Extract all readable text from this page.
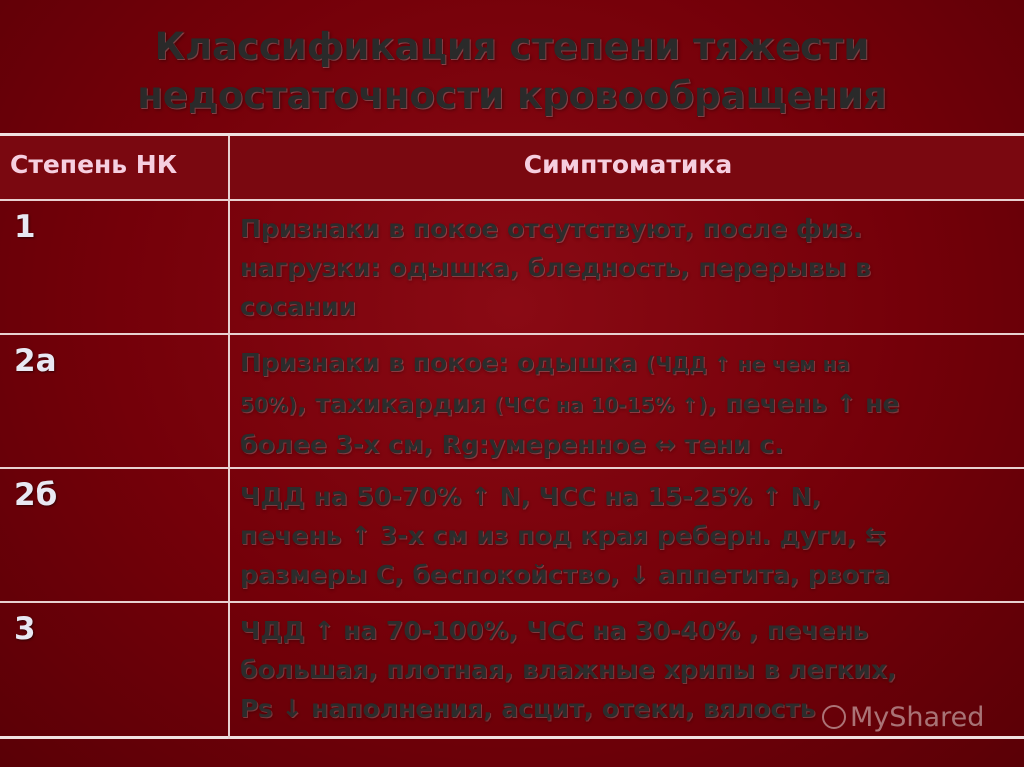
Классификация степени тяжести
недостаточности кровообращения
Степень НК	Симптоматика
1	Признаки в покое отсутствуют, после физ.
нагрузки: одышка, бледность, перерывы в
сосании
2а	Признаки в покое: одышка (ЧДД ↑ не чем на
50%), тахикардия (ЧСС на 10-15% ↑), печень ↑ не
более 3-х см, Rg:умеренное ↔ тени с.
2б	ЧДД на 50-70% ↑ N, ЧСС на 15-25% ↑ N,
печень ↑ 3-х см из под края реберн. дуги, ⇆
размеры С, беспокойство, ↓ аппетита, рвота
3	ЧДД ↑ на 70-100%, ЧСС на 30-40% , печень
большая, плотная, влажные хрипы в легких,
Ps ↓ наполнения, асцит, отеки, вялость	MyShared
